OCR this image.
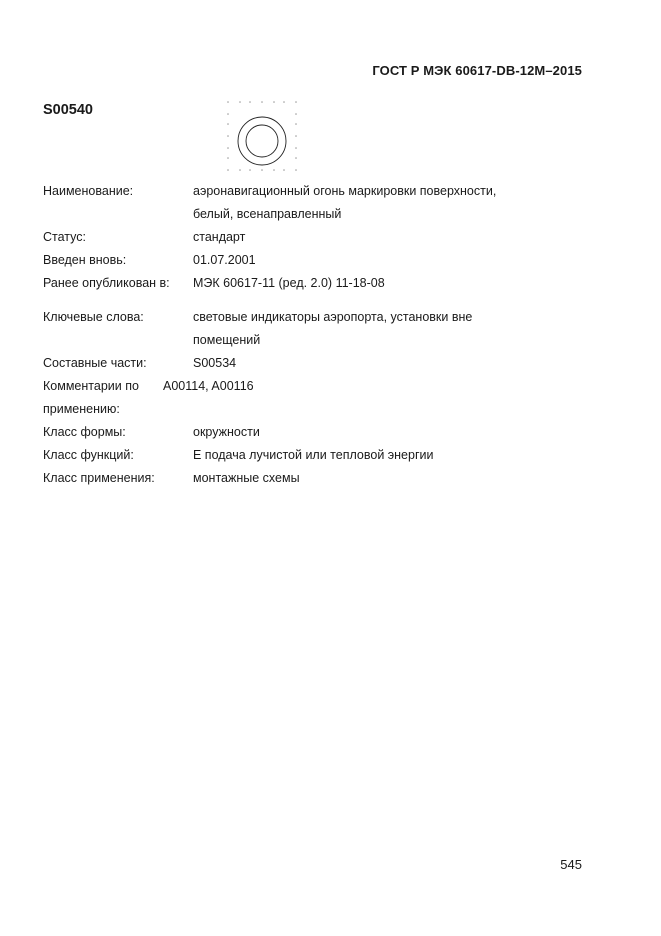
ГОСТ Р МЭК 60617-DB-12M–2015
S00540
Наименование:	аэронавигационный огонь маркировки поверхности, белый, всенаправленный
Статус:	стандарт
Введен вновь:	01.07.2001
Ранее опубликован в:	МЭК 60617-11 (ред. 2.0) 11-18-08
Ключевые слова:	световые индикаторы аэропорта, установки вне помещений
Составные части:	S00534
Комментарии по применению:
A00114, A00116
Класс формы:	окружности
Класс функций:	E подача лучистой или тепловой энергии
Класс применения:	монтажные схемы
545
